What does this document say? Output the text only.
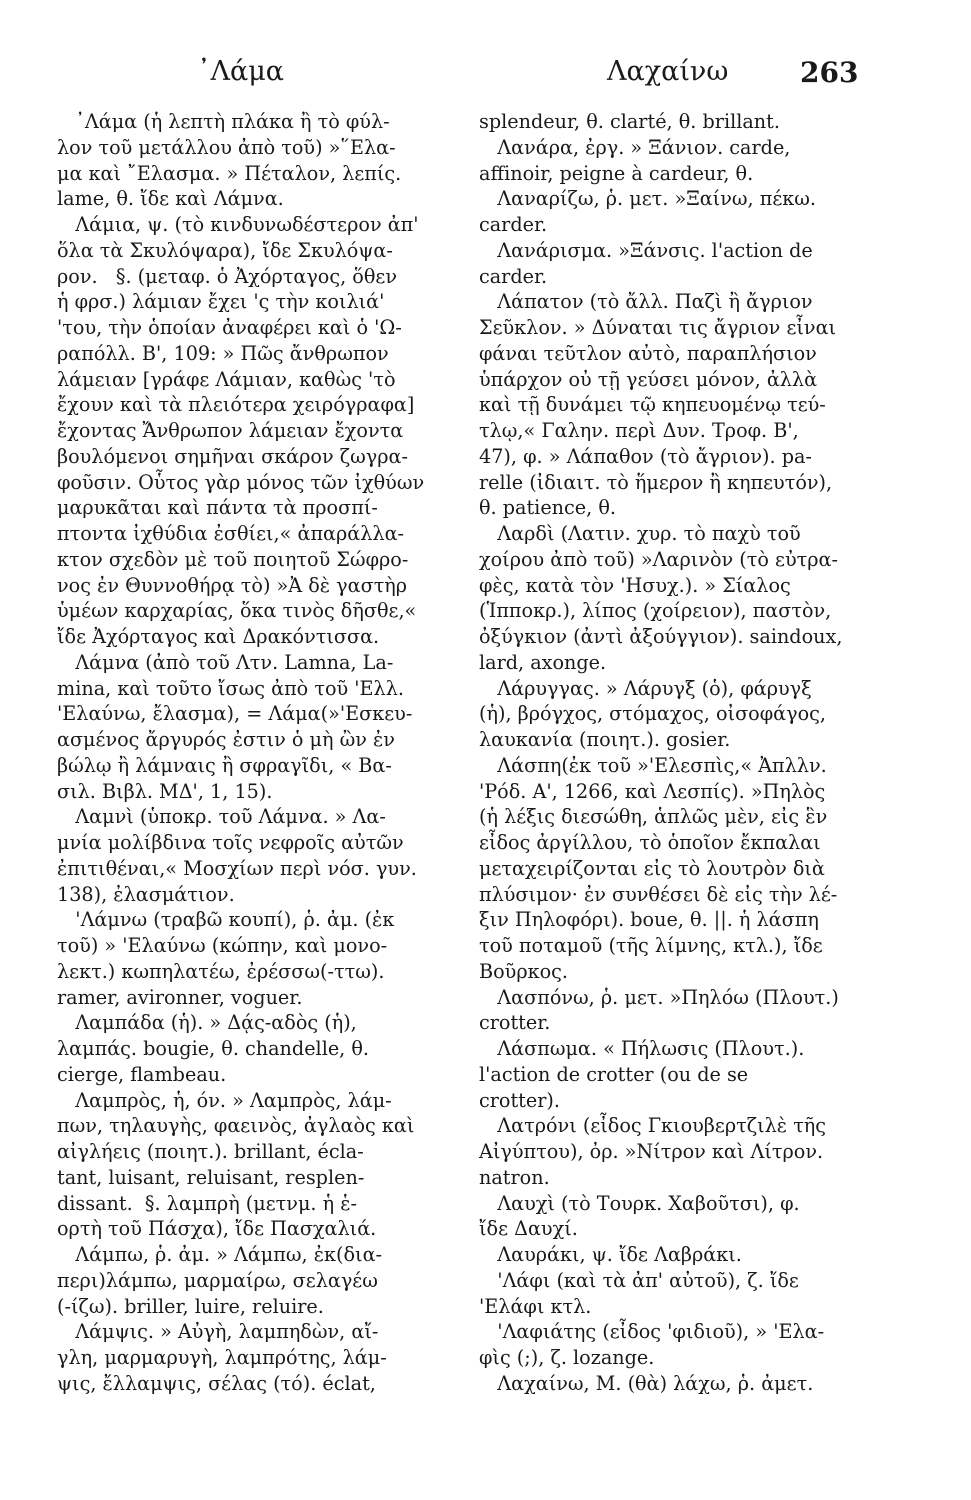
᾿Λάμα	Λαχαίνω	263
᾿Λάμα (ἡ λεπτὴ πλάκα ἢ τὸ φύλ-
λον τοῦ μετάλλου ἀπὸ τοῦ) »῞Ελα-
μα καὶ ῎Ελασμα. » Πέταλον, λεπίς.
lame, θ. ἴδε καὶ Λάμνα.
Λάμια, ψ. (τὸ κινδυνωδέστερον ἀπ'
ὅλα τὰ Σκυλόψαρα), ἴδε Σκυλόψα-
ρον.   §. (μεταφ. ὁ Ἀχόρταγος, ὅθεν
ἡ φρσ.) λάμιαν ἔχει 'ς τὴν κοιλιά'
'του, τὴν ὁποίαν ἀναφέρει καὶ ὁ 'Ω-
ραπόλλ. Β', 109: » Πῶς ἄνθρωπον
λάμειαν [γράφε Λάμιαν, καθὼς 'τὸ
ἔχουν καὶ τὰ πλειότερα χειρόγραφα]
ἔχοντας Ἄνθρωπον λάμειαν ἔχοντα
βουλόμενοι σημῆναι σκάρον ζωγρα-
φοῦσιν. Οὗτος γὰρ μόνος τῶν ἰχθύων
μαρυκᾶται καὶ πάντα τὰ προσπί-
πτοντα ἰχθύδια ἐσθίει,« ἀπαράλλα-
κτον σχεδὸν μὲ τοῦ ποιητοῦ Σώφρο-
νος ἐν Θυννοθήρᾳ τὸ) »Ἀ δὲ γαστὴρ
ὑμέων καρχαρίας, ὅκα τινὸς δῆσθε,«
ἴδε Ἀχόρταγος καὶ Δρακόντισσα.
Λάμνα (ἀπὸ τοῦ Λτν. Lamna, La-
mina, καὶ τοῦτο ἴσως ἀπὸ τοῦ 'Ελλ.
'Ελαύνω, ἔλασμα), = Λάμα(»'Εσκευ-
ασμένος ἄργυρός ἐστιν ὁ μὴ ὢν ἐν
βώλῳ ἢ λάμναις ἢ σφραγῖδι, « Βα-
σιλ. Βιβλ. ΜΔ', 1, 15).
Λαμνὶ (ὑποκρ. τοῦ Λάμνα. » Λα-
μνία μολίβδινα τοῖς νεφροῖς αὐτῶν
ἐπιτιθέναι,« Μοσχίων περὶ νόσ. γυν.
138), ἐλασμάτιον.
'Λάμνω (τραβῶ κουπί), ῥ. ἀμ. (ἐκ
τοῦ) » 'Ελαύνω (κώπην, καὶ μονο-
λεκτ.) κωπηλατέω, ἐρέσσω(-ττω).
ramer, avironner, voguer.
Λαμπάδα (ἡ). » Δᾴς-αδὸς (ἡ),
λαμπάς. bougie, θ. chandelle, θ.
cierge, flambeau.
Λαμπρὸς, ἡ, όν. » Λαμπρὸς, λάμ-
πων, τηλαυγὴς, φαεινὸς, ἀγλαὸς καὶ
αἰγλήεις (ποιητ.). brillant, écla-
tant, luisant, reluisant, resplen-
dissant.  §. λαμπρὴ (μετνμ. ἡ ἑ-
ορτὴ τοῦ Πάσχα), ἴδε Πασχαλιά.
Λάμπω, ῥ. ἀμ. » Λάμπω, ἐκ(δια-
περι)λάμπω, μαρμαίρω, σελαγέω
(-ίζω). briller, luire, reluire.
Λάμψις. » Αὐγὴ, λαμπηδὼν, αἴ-
γλη, μαρμαρυγὴ, λαμπρότης, λάμ-
ψις, ἔλλαμψις, σέλας (τό). éclat,
splendeur, θ. clarté, θ. brillant.
Λανάρα, ἐργ. » Ξάνιον. carde,
affinoir, peigne à cardeur, θ.
Λαναρίζω, ῥ. μετ. »Ξαίνω, πέκω.
carder.
Λανάρισμα. »Ξάνσις. l'action de
carder.
Λάπατον (τὸ ἄλλ. Παζὶ ἢ ἄγριον
Σεῦκλον. » Δύναται τις ἄγριον εἶναι
φάναι τεῦτλον αὐτὸ, παραπλήσιον
ὑπάρχον οὐ τῇ γεύσει μόνον, ἀλλὰ
καὶ τῇ δυνάμει τῷ κηπευομένῳ τεύ-
τλῳ,« Γαλην. περὶ Δυν. Τροφ. Β',
47), φ. » Λάπαθον (τὸ ἄγριον). pa-
relle (ἰδιαιτ. τὸ ἥμερον ἢ κηπευτόν),
θ. patience, θ.
Λαρδὶ (Λατιν. χυρ. τὸ παχὺ τοῦ
χοίρου ἀπὸ τοῦ) »Λαρινὸν (τὸ εὐτρα-
φὲς, κατὰ τὸν 'Ησυχ.). » Σίαλος
(Ἱπποκρ.), λίπος (χοίρειον), παστὸν,
ὀξύγκιον (ἀντὶ ἀξούγγιον). saindoux,
lard, axonge.
Λάρυγγας. » Λάρυγξ (ὁ), φάρυγξ
(ἡ), βρόγχος, στόμαχος, οἰσοφάγος,
λαυκανία (ποιητ.). gosier.
Λάσπη(ἐκ τοῦ »'Ελεσπὶς,« Ἀπλλν.
'Ρόδ. Α', 1266, καὶ Λεσπίς). »Πηλὸς
(ἡ λέξις διεσώθη, ἁπλῶς μὲν, εἰς ἓν
εἶδος ἀργίλλου, τὸ ὁποῖον ἔκπαλαι
μεταχειρίζονται εἰς τὸ λουτρὸν διὰ
πλύσιμον· ἐν συνθέσει δὲ εἰς τὴν λέ-
ξιν Πηλοφόρι). boue, θ. ||. ἡ λάσπη
τοῦ ποταμοῦ (τῆς λίμνης, κτλ.), ἴδε
Βοῦρκος.
Λασπόνω, ῥ. μετ. »Πηλόω (Πλουτ.)
crotter.
Λάσπωμα. « Πήλωσις (Πλουτ.).
l'action de crotter (ou de se
crotter).
Λατρόνι (εἶδος Γκιουβερτζιλὲ τῆς
Αἰγύπτου), ὀρ. »Νίτρον καὶ Λίτρον.
natron.
Λαυχὶ (τὸ Τουρκ. Χαβοῦτσι), φ.
ἴδε Δαυχί.
Λαυράκι, ψ. ἴδε Λαβράκι.
'Λάφι (καὶ τὰ ἀπ' αὐτοῦ), ζ. ἴδε
'Ελάφι κτλ.
'Λαφιάτης (εἶδος 'φιδιοῦ), » 'Ελα-
φὶς (;), ζ. lozange.
Λαχαίνω, Μ. (θὰ) λάχω, ῥ. ἀμετ.
